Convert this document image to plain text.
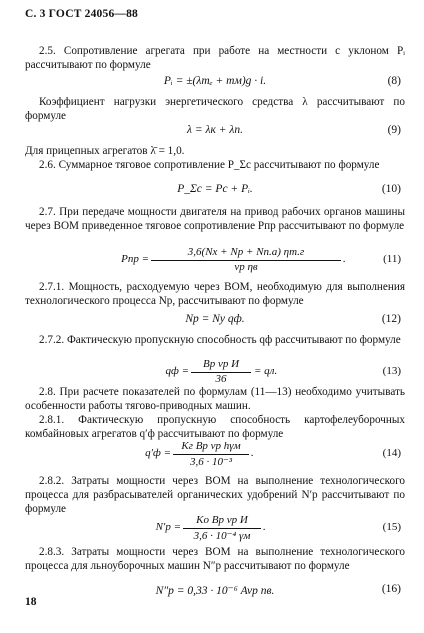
С. 3 ГОСТ 24056—88
2.5. Сопротивление агрегата при работе на местности с уклоном Pᵢ рассчитывают по формуле
Pᵢ = ±(λmₑ + mм)g · i.	(8)
Коэффициент нагрузки энергетического средства λ рассчитывают по формуле
λ = λк + λп.	(9)
Для прицепных агрегатов λ̄ = 1,0.
2.6. Суммарное тяговое сопротивление P_Σс рассчитывают по формуле
P_Σс = Pс + Pᵢ.	(10)
2.7. При передаче мощности двигателя на привод рабочих органов машины через ВОМ приведенное тяговое сопротивление Pпр рассчитывают по формуле
Pпр =
3,6(Nx + Nр + Nп.а) ηт.г
vр ηв
.	(11)
2.7.1. Мощность, расходуемую через ВОМ, необходимую для выполнения технологического процесса Nр, рассчитывают по формуле
Nр = Nу qф.	(12)
2.7.2. Фактическую пропускную способность qф рассчитывают по формуле
qф =
Bр vр И
36
= qл.	(13)
2.8. При расчете показателей по формулам (11—13) необходимо учитывать особенности работы тягово-приводных машин.
2.8.1. Фактическую пропускную способность картофелеуборочных комбайновых агрегатов q′ф рассчитывают по формуле
q′ф =
Kг Bр vр hγм
3,6 · 10⁻³
.	(14)
2.8.2. Затраты мощности через ВОМ на выполнение технологического процесса для разбрасывателей органических удобрений N′р рассчитывают по формуле
N′р =
Kо Bр vр И
3,6 · 10⁻⁴ γм
.	(15)
2.8.3. Затраты мощности через ВОМ на выполнение технологического процесса для льноуборочных машин N″р рассчитывают по формуле
N″р = 0,33 · 10⁻⁶ Avр nв.	(16)
18
